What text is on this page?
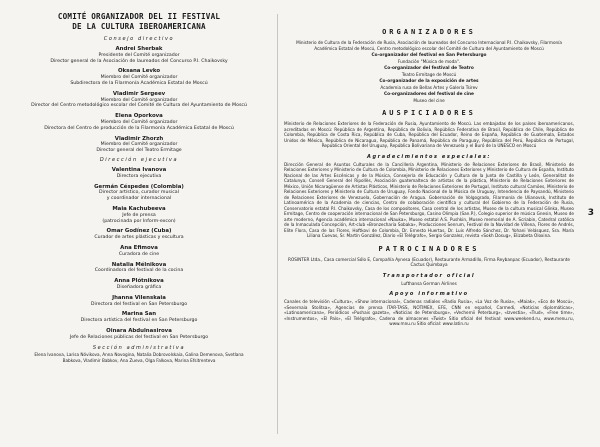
COMITÉ ORGANIZADOR DEL II FESTIVAL
DE LA CULTURA IBEROAMERICANA
Consejo directivo
Andrei Sherbak
Presidente del Comité organizador
Director general de la Asociación de laureados del Concurso P.I. Chaikovsky
Oksana Levko
Miembro del Comité organizador
Subdirectora de la Filarmonía Académica Estatal de Moscú
Vladimir Sergeev
Miembro del Comité organizador
Director del Centro metodológico escolar del Comité de Cultura del Ayuntamiento de Moscú
Elena Oporkova
Miembro del Comité organizador
Directora del Centro de producción de la Filarmonía Académica Estatal de Moscú
Vladimir Zhorzh
Miembro del Comité organizador
Director general del Teatro Ermitage
Dirección ejecutiva
Valentina Ivanova
Directora ejecutiva
Germán Céspedes (Colombia)
Director artístico, curador musical
y coordinador internacional
Maia Kachubeeva
Jefe de prensa
(patrocinada por Inform-excon)
Omar Godínez (Cuba)
Curador de artes plásticas y escultura
Ana Efimova
Curadora de cine
Natalia Mélnikova
Coordinadora del festival de la cocina
Anna Plótnikova
Diseñadora gráfica
Jhanna Vilenskaia
Directora del festival en San Petersburgo
Marina San
Directora artística del festival en San Petersburgo
Oinara Abdulnasirova
Jefe de Relaciones públicas del festival en San Petersburgo
Sección administrativa
Elena Ivanova, Larisa Nóvikova, Anna Novogina, Natalia Dobrovolskaia, Galina Demenova, Svetlana
Babkova, Vladimir Babkov, Ana Zueva, Olga Falkova, Marina Efsitrenteva
ORGANIZADORES
Ministerio de Cultura de la Federación de Rusia, Asociación de laureados del Concurso Internacional P.I. Chaikovsky, Filarmonía Académica Estatal de Moscú, Centro metodológico escolar del Comité de Cultura del Ayuntamiento de Moscú
Co-organizador del festival en San Petersburgo
Fundación "Música de moda".
Co-organizador del festival de Teatro
Teatro Ermitage de Moscú
Co-organizador de la exposición de artes
Academia rusa de Bellas Artes y Galería Tsirev
Co-organizadores del festival de cine
Museo del cine
AUSPICIADORES
Ministerio de Relaciones Exteriores de la Federación de Rusia, Ayuntamiento de Moscú. Las embajadas de los países iberoamericanos, acreditadas en Moscú: República de Argentina, República de Bolivia, República Federativa de Brasil, República de Chile, República de Colombia, República de Costa Rica, República de Cuba, República del Ecuador, Reino de España, República de Guatemala, Estados Unidos de México, República de Nicaragua, República de Panamá, República de Paraguay, República del Perú, República de Portugal, República Oriental del Uruguay, República Bolivariana de Venezuela y el Buró de la UNESCO en Moscú
Agradecimientos especiales:
Dirección General de Asuntos Culturales de la Cancillería Argentina, Ministerio de Relaciones Exteriores de Brasil, Ministerio de Relaciones Exteriores y Ministerio de Cultura de Colombia, Ministerio de Relaciones Exteriores y Ministerio de Cultura de España, Instituto Nacional de las Artes Escénicas y de la Música, Consejería de Educación y Cultura de la Junta de Castilla y León, Generalitat de Catalunya, Consell General del Ripollès, Asociación guatemalteca de artistas de la plástica, Ministerio de Relaciones Exteriores de México, Unión Nicaragüense de Artistas Plásticos, Ministerio de Relaciones Exteriores de Portugal, Instituto cultural Camões, Ministerio de Relaciones Exteriores y Ministerio de Cultura de Uruguay, Fondo Nacional de la Música de Uruguay, Intendencia de Paysandú, Ministerio de Relaciones Exteriores de Venezuela, Gobernación de Aragua. Gobernación de Volgogrado, Filarmonía de Ulianovsk, Instituto de Latinoamérica de la Academia de ciencias, Centro de colaboración científica y cultural del Gobierno de la Federación de Rusia, Conservatorio estatal P.I. Chaikovsky, Casa de los compositores, Casa central de los artistas, Museo de la cultura musical Glinka, Museo Ermitage, Centro de cooperación internacional de San Petersburgo, Casino Olimpia (San.P.), Colegio superior de música Gnesin, Museo de arte moderno, Agencia académica internacional «Nauka», Museo estatal A.S. Pushkin, Museo memorial de A. Scriabin, Catedral católica de la Inmaculada Concepción, Art-club «Bronzecharia Sobaka», Producciones Senrum, Festival de la Navidad de Villena, Flores de Andrés, Elite Flora, Casa de las Flores, Hoftkovi de Colombia, Dr. Ernesto Huertas, Dr. Luis Alfredo Sánchez, Dr. Yohani Velásquez, Sra. María Liliana Cuevas, Sr. Martín González, Diario «El Telégrafo», Sergio Gonzalez, revista «Sokh Dosug», Elizabeta Oloxina.
PATROCINADORES
ROSINTER Ltda., Casa comercial Sólo E, Compañía Aynesa (Ecuador), Restaurante Armadillo, Firma Reybanpac (Ecuador), Restaurante Cactus Quimbaya
Transportador oficial
Lufthansa German Airlines
Apoyo informativo
Canales de televisión «Cultura», «Show internacional», Cadenas radiales «Radio Rusia», «La Voz de Rusia», «Maiak», «Eco de Moscú», «Severnaia Stolitsa», Agencias de prensa ITAR-TASS, NOTIMEX, EFE, CNN en español, Carmedi, «Noticias diplomáticas», «Latinoamericana», Periódicos «Pushais gazeta», «Noticias de Petersburgo», «Vechernii Peterburg», «Izvestia», «Trud», «Free time», «Instrumentos», «El País», «El Telégrafo», Cadena de almacenes «Twist» Sitio oficial del festival: www.weekend.ru, www.menu.ru, www.mnu.ru Sitio oficial: www.latin.ru
3
